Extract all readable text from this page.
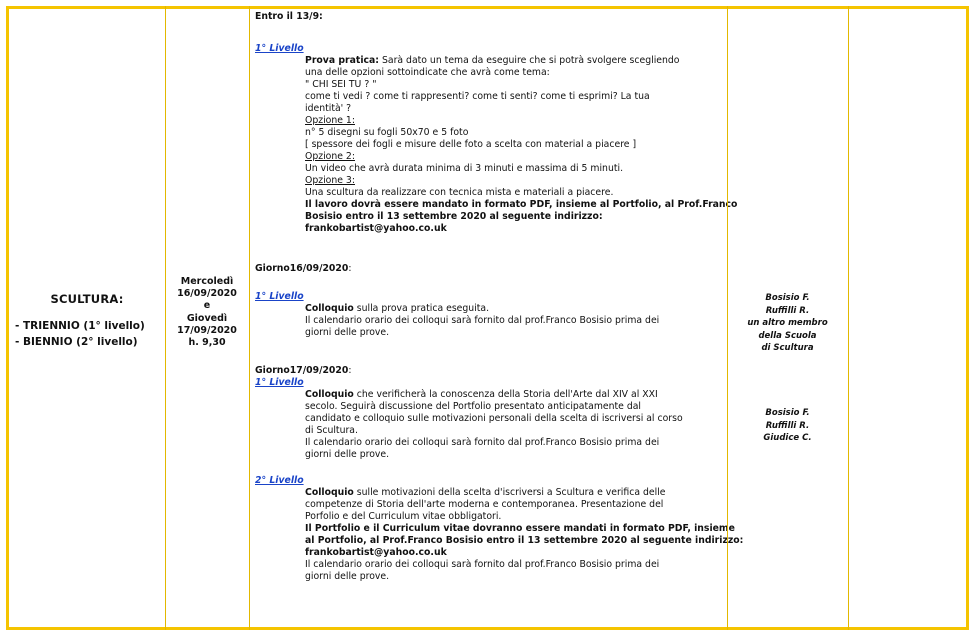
SCULTURA:
- TRIENNIO (1° livello)
- BIENNIO (2° livello)
Mercoledì
16/09/2020
e
Giovedì
17/09/2020
h. 9,30
Entro il 13/9:
1° Livello
Prova pratica: Sarà dato un tema da eseguire che si potrà svolgere scegliendo
una delle opzioni sottoindicate che avrà come tema:
" CHI SEI TU ? "
come ti vedi ? come ti rappresenti? come ti senti? come ti esprimi? La tua
identità' ?
Opzione 1:
n° 5 disegni su fogli 50x70 e 5 foto
[ spessore dei fogli e misure delle foto a scelta con material a piacere ]
Opzione 2:
Un video che avrà durata minima di 3 minuti e massima di 5 minuti.
Opzione 3:
Una scultura da realizzare con tecnica mista e materiali a piacere.
Il lavoro dovrà essere mandato in formato PDF, insieme al Portfolio, al Prof.Franco
Bosisio entro il 13 settembre 2020 al seguente indirizzo:
frankobartist@yahoo.co.uk
Giorno16/09/2020:
1° Livello
Colloquio sulla prova pratica eseguita.
Il calendario orario dei colloqui sarà fornito dal prof.Franco Bosisio prima dei
giorni delle prove.
Giorno17/09/2020:
1° Livello
Colloquio che verificherà la conoscenza della Storia dell'Arte dal XIV al XXI
secolo. Seguirà discussione del Portfolio presentato anticipatamente dal
candidato e colloquio sulle motivazioni personali della scelta di iscriversi al corso
di Scultura.
Il calendario orario dei colloqui sarà fornito dal prof.Franco Bosisio prima dei
giorni delle prove.
2° Livello
Colloquio sulle motivazioni della scelta d'iscriversi a Scultura e verifica delle
competenze di Storia dell'arte moderna e contemporanea. Presentazione del
Porfolio e del Curriculum vitae obbligatori.
Il Portfolio e il Curriculum vitae dovranno essere mandati in formato PDF, insieme
al Portfolio, al Prof.Franco Bosisio entro il 13 settembre 2020 al seguente indirizzo:
frankobartist@yahoo.co.uk
Il calendario orario dei colloqui sarà fornito dal prof.Franco Bosisio prima dei
giorni delle prove.
Bosisio F.
Ruffilli R.
un altro membro
della Scuola
di Scultura
Bosisio F.
Ruffilli R.
Giudice C.
